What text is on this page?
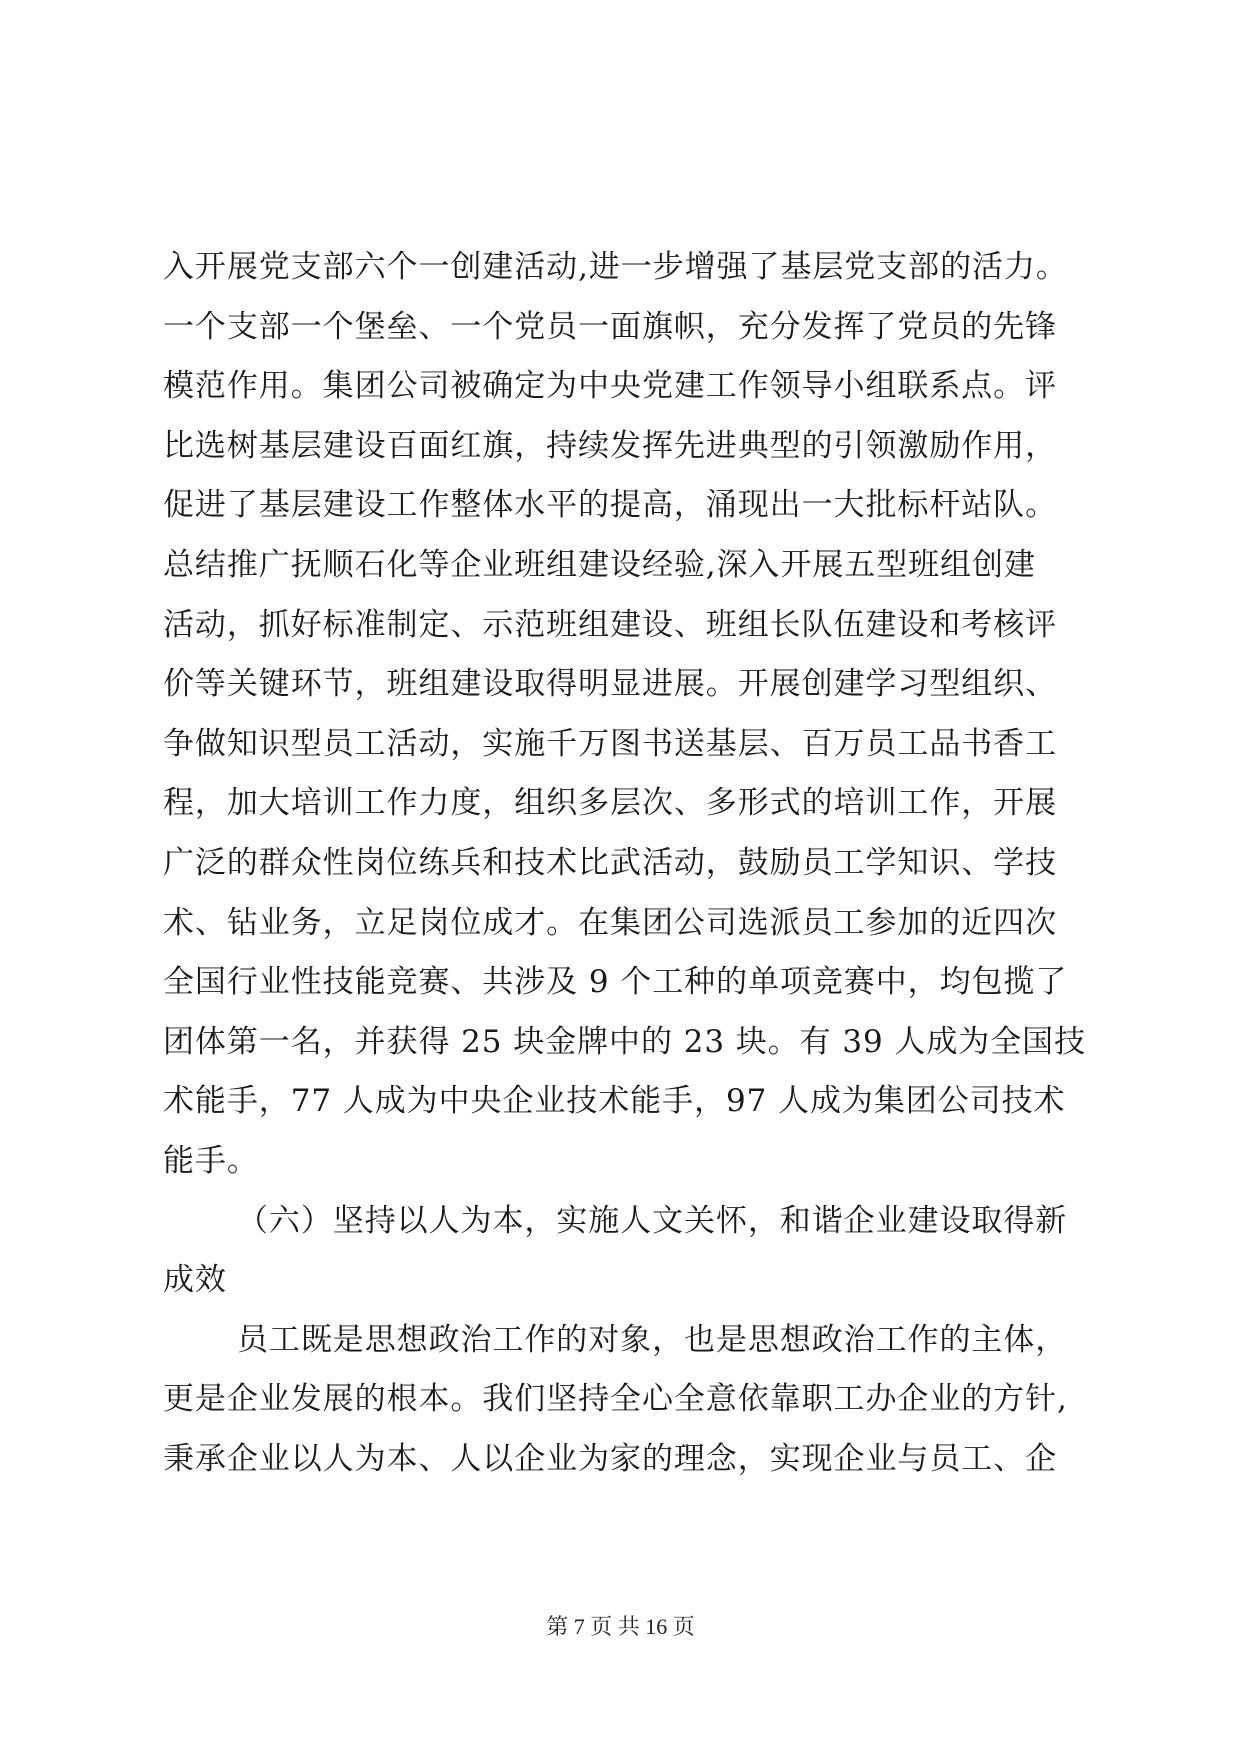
入开展党支部六个一创建活动,进一步增强了基层党支部的活力。
一个支部一个堡垒、一个党员一面旗帜，充分发挥了党员的先锋
模范作用。集团公司被确定为中央党建工作领导小组联系点。评
比选树基层建设百面红旗，持续发挥先进典型的引领激励作用，
促进了基层建设工作整体水平的提高，涌现出一大批标杆站队。
总结推广抚顺石化等企业班组建设经验,深入开展五型班组创建
活动，抓好标准制定、示范班组建设、班组长队伍建设和考核评
价等关键环节，班组建设取得明显进展。开展创建学习型组织、
争做知识型员工活动，实施千万图书送基层、百万员工品书香工
程，加大培训工作力度，组织多层次、多形式的培训工作，开展
广泛的群众性岗位练兵和技术比武活动，鼓励员工学知识、学技
术、钻业务，立足岗位成才。在集团公司选派员工参加的近四次
全国行业性技能竞赛、共涉及 9 个工种的单项竞赛中，均包揽了
团体第一名，并获得 25 块金牌中的 23 块。有 39 人成为全国技
术能手，77 人成为中央企业技术能手，97 人成为集团公司技术
能手。
（六）坚持以人为本，实施人文关怀，和谐企业建设取得新
成效
员工既是思想政治工作的对象，也是思想政治工作的主体，
更是企业发展的根本。我们坚持全心全意依靠职工办企业的方针,
秉承企业以人为本、人以企业为家的理念，实现企业与员工、企
第 7 页 共 16 页
